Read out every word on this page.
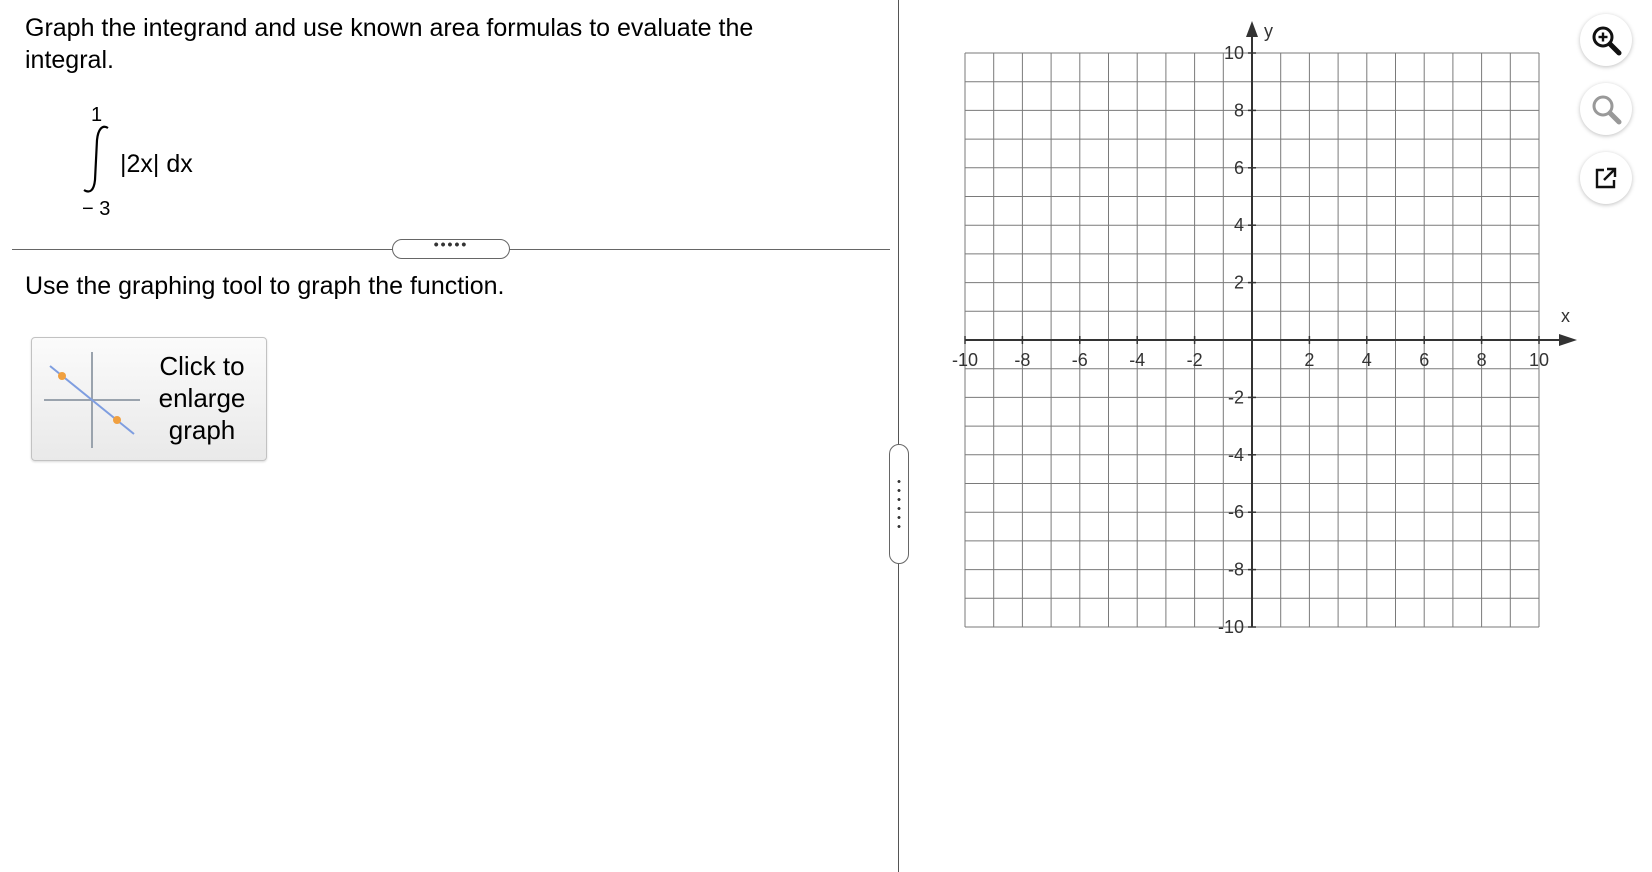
Graph the integrand and use known area formulas to evaluate the integral.
1
− 3
|2x| dx
•••••
Use the graphing tool to graph the function.
Click to
enlarge
graph
-10 -8 -6 -4 -2	2	4	6	8 10
10
8
6
4
2
-2
-4
-6
-8
-10
x
y
